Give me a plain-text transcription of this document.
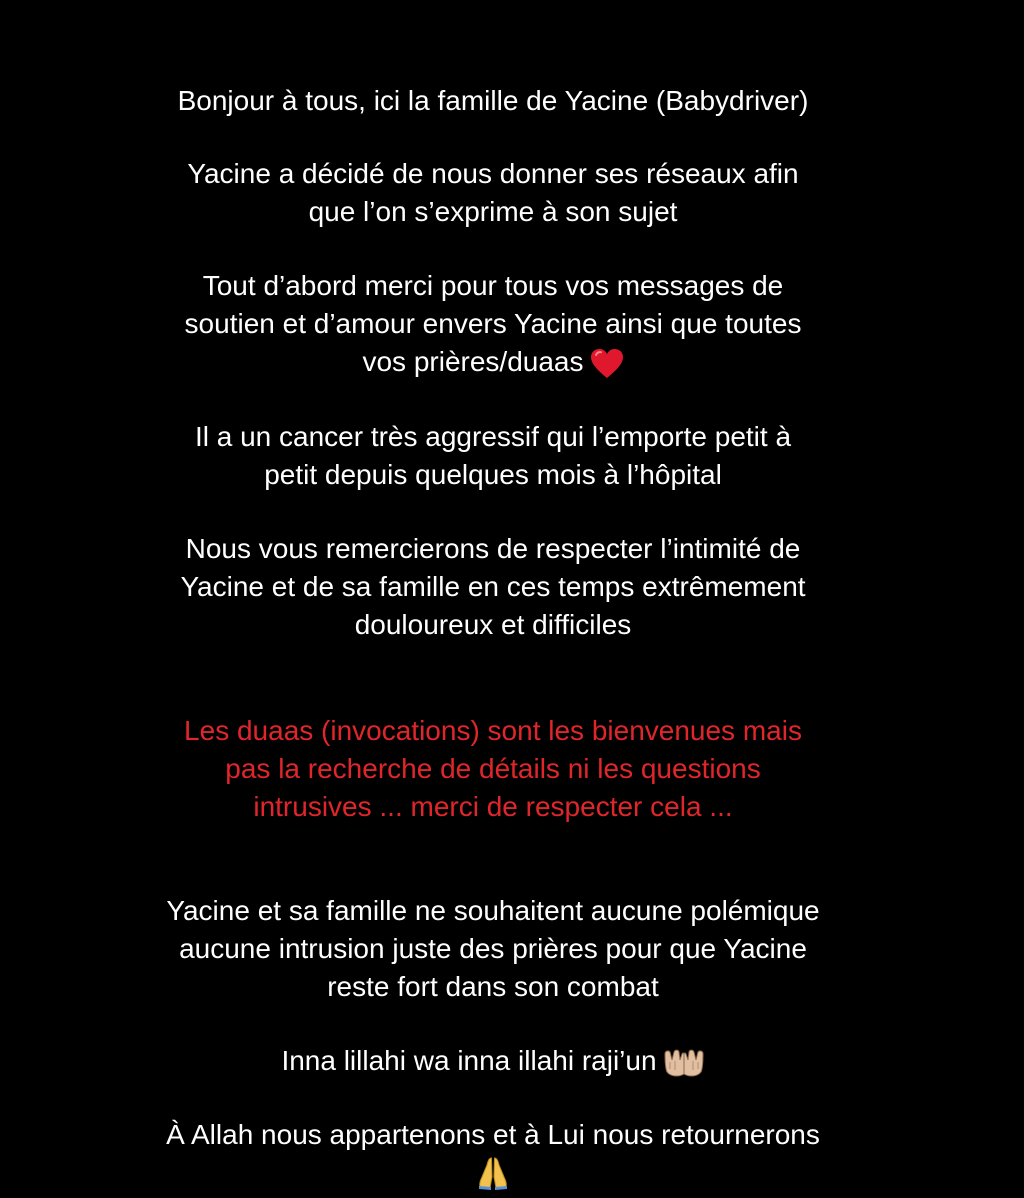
Bonjour à tous, ici la famille de Yacine (Babydriver)
Yacine a décidé de nous donner ses réseaux afin
que l’on s’exprime à son sujet
Tout d’abord merci pour tous vos messages de
soutien et d’amour envers Yacine ainsi que toutes
vos prières/duaas
Il a un cancer très aggressif qui l’emporte petit à
petit depuis quelques mois à l’hôpital
Nous vous remercierons de respecter l’intimité de
Yacine et de sa famille en ces temps extrêmement
douloureux et difficiles
Les duaas (invocations) sont les bienvenues mais
pas la recherche de détails ni les questions
intrusives ... merci de respecter cela ...
Yacine et sa famille ne souhaitent aucune polémique
aucune intrusion juste des prières pour que Yacine
reste fort dans son combat
Inna lillahi wa inna illahi raji’un
À Allah nous appartenons et à Lui nous retournerons
